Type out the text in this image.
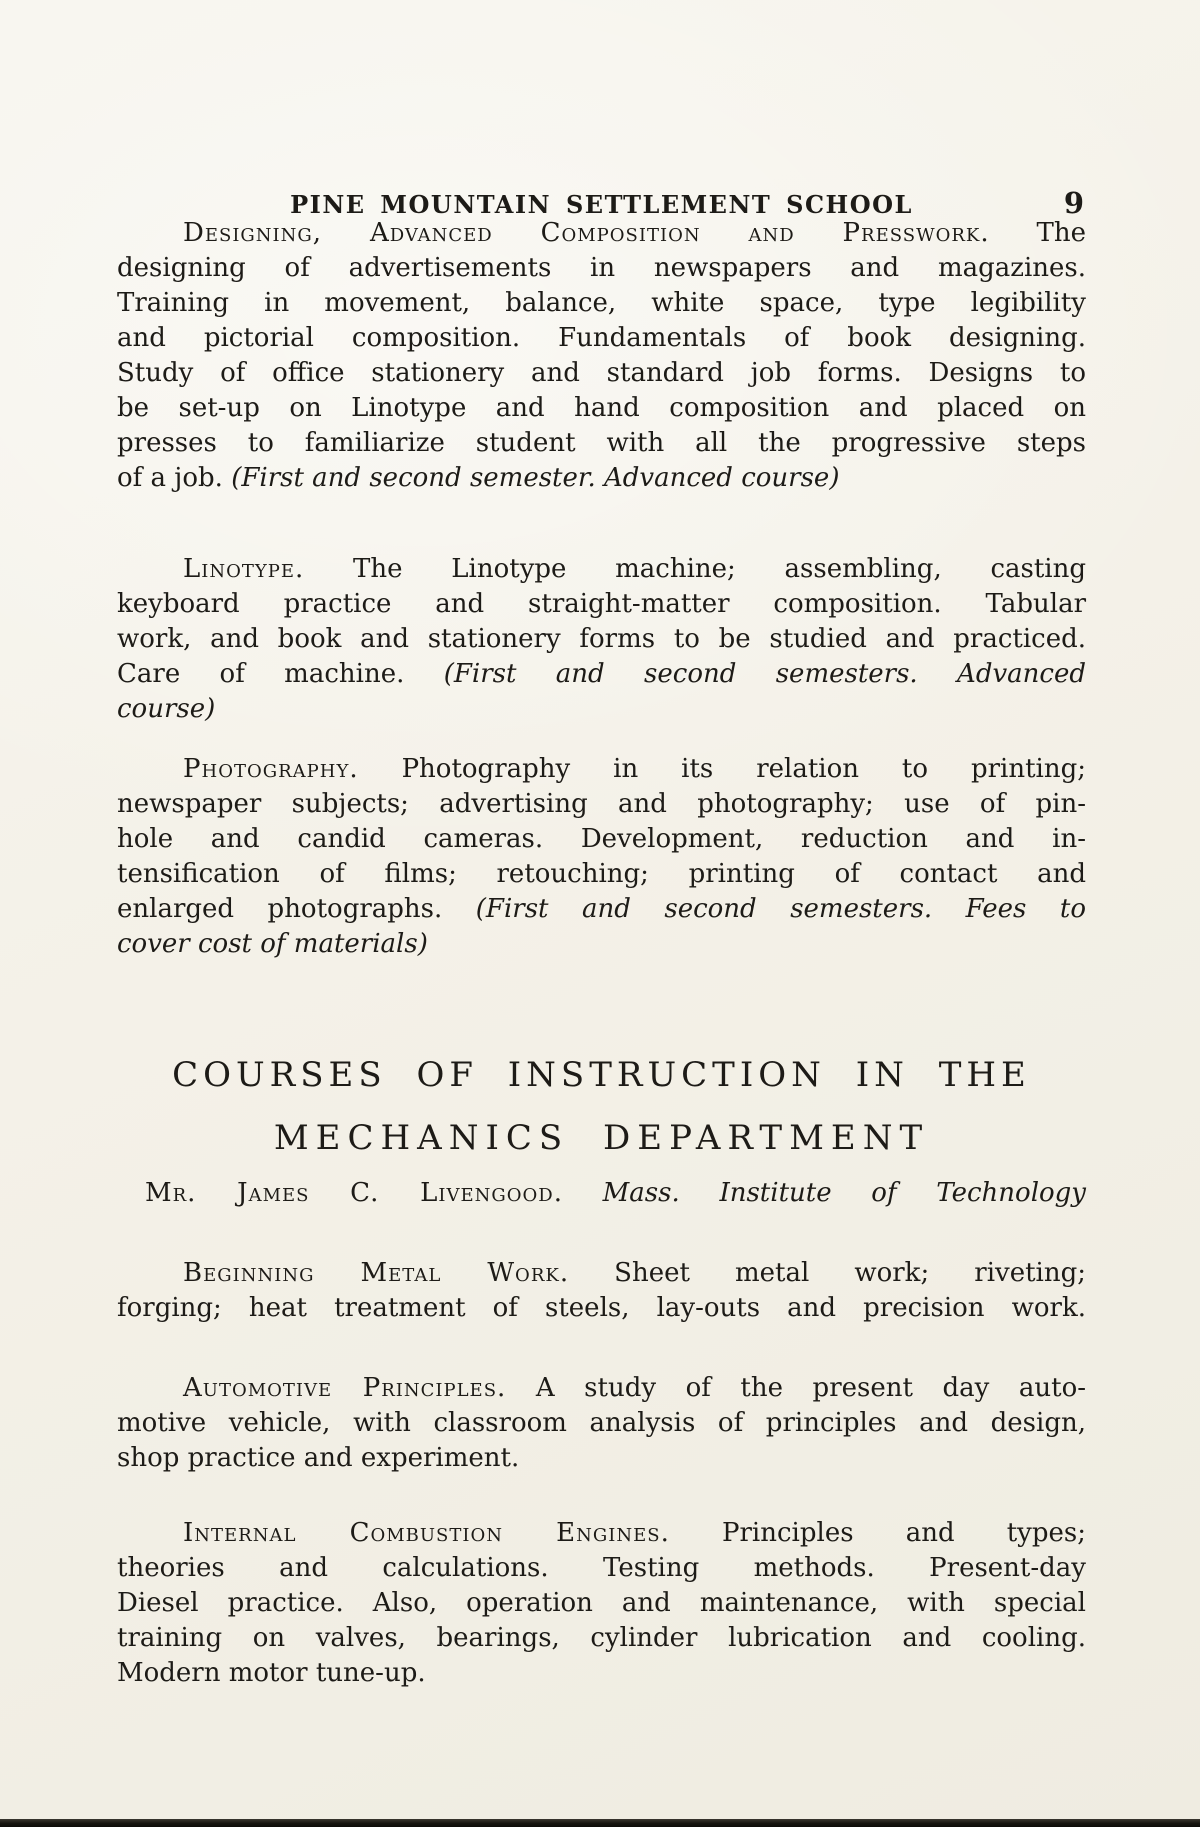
PINE MOUNTAIN SETTLEMENT SCHOOL	9
Designing, Advanced Composition and Presswork. The
designing of advertisements in newspapers and magazines.
Training in movement, balance, white space, type legibility
and pictorial composition. Fundamentals of book designing.
Study of office stationery and standard job forms. Designs to
be set-up on Linotype and hand composition and placed on
presses to familiarize student with all the progressive steps
of a job. (First and second semester. Advanced course)
Linotype. The Linotype machine; assembling, casting
keyboard practice and straight-matter composition. Tabular
work, and book and stationery forms to be studied and practiced.
Care of machine. (First and second semesters. Advanced
course)
Photography. Photography in its relation to printing;
newspaper subjects; advertising and photography; use of pin-
hole and candid cameras. Development, reduction and in-
tensification of films; retouching; printing of contact and
enlarged photographs. (First and second semesters. Fees to
cover cost of materials)
COURSES OF INSTRUCTION IN THE
MECHANICS DEPARTMENT
Mr. James C. Livengood. Mass. Institute of Technology
Beginning Metal Work. Sheet metal work; riveting;
forging; heat treatment of steels, lay-outs and precision work.
Automotive Principles. A study of the present day auto-
motive vehicle, with classroom analysis of principles and design,
shop practice and experiment.
Internal Combustion Engines. Principles and types;
theories and calculations. Testing methods. Present-day
Diesel practice. Also, operation and maintenance, with special
training on valves, bearings, cylinder lubrication and cooling.
Modern motor tune-up.
